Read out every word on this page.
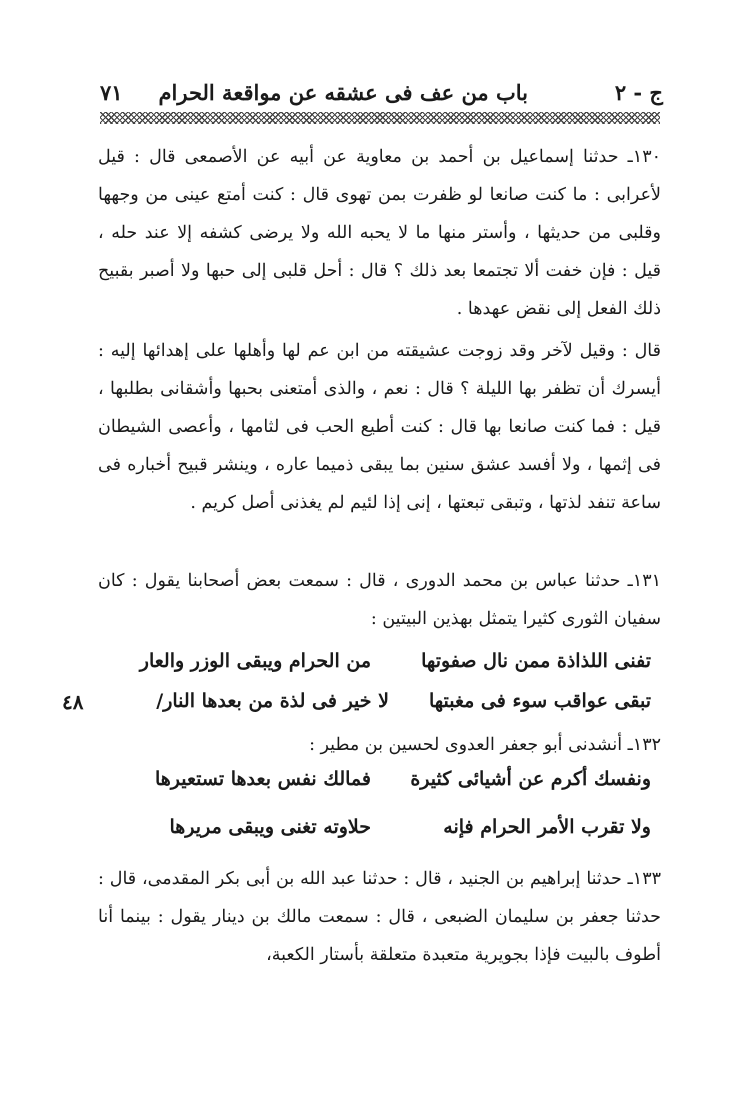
ج - ٢
باب من عف فى عشقه عن مواقعة الحرام
٧١
١٣٠ـ حدثنا إسماعيل بن أحمد بن معاوية عن أبيه عن الأصمعى قال : قيل لأعرابى : ما كنت صانعا لو ظفرت بمن تهوى قال : كنت أمتع عينى من وجهها وقلبى من حديثها ، وأستر منها ما لا يحبه الله ولا يرضى كشفه إلا عند حله ، قيل : فإن خفت ألا تجتمعا بعد ذلك ؟ قال : أحل قلبى إلى حبها ولا أصبر بقبيح ذلك الفعل إلى نقض عهدها .
قال : وقيل لآخر وقد زوجت عشيقته من ابن عم لها وأهلها على إهدائها إليه : أيسرك أن تظفر بها الليلة ؟ قال : نعم ، والذى أمتعنى بحبها وأشقانى بطلبها ، قيل : فما كنت صانعا بها قال : كنت أطيع الحب فى لثامها ، وأعصى الشيطان فى إثمها ، ولا أفسد عشق سنين بما يبقى ذميما عاره ، وينشر قبيح أخباره فى ساعة تنفد لذتها ، وتبقى تبعتها ، إنى إذا لئيم لم يغذنى أصل كريم .
١٣١ـ حدثنا عباس بن محمد الدورى ، قال : سمعت بعض أصحابنا يقول : كان سفيان الثورى كثيرا يتمثل بهذين البيتين :
تفنى اللذاذة ممن نال صفوتها
من الحرام ويبقى الوزر والعار
تبقى عواقب سوء فى مغبتها
لا خير فى لذة من بعدها النار/
٤٨
١٣٢ـ أنشدنى أبو جعفر العدوى لحسين بن مطير :
ونفسك أكرم عن أشيائى كثيرة
فمالك نفس بعدها تستعيرها
ولا تقرب الأمر الحرام فإنه
حلاوته تغنى ويبقى مريرها
١٣٣ـ حدثنا إبراهيم بن الجنيد ، قال : حدثنا عبد الله بن أبى بكر المقدمى، قال : حدثنا جعفر بن سليمان الضبعى ، قال : سمعت مالك بن دينار يقول : بينما أنا أطوف بالبيت فإذا بجويرية متعبدة متعلقة بأستار الكعبة،
